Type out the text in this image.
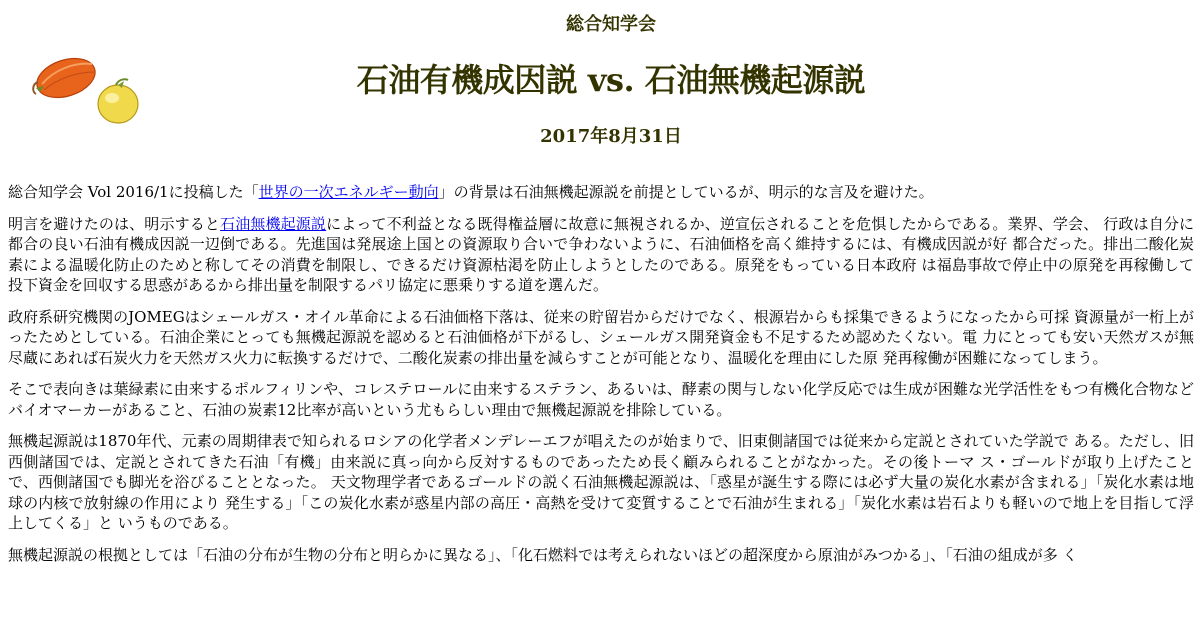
総合知学会

石油有機成因説 vs. 石油無機起源説

2017年8月31日

総合知学会 Vol 2016/1に投稿した「世界の一次エネルギー動向」の背景は石油無機起源説を前提としているが、明示的な言及を避けた。

明言を避けたのは、明示すると石油無機起源説によって不利益となる既得権益層に故意に無視されるか、逆宣伝されることを危惧したからである。業界、学会、 行政は自分に都合の良い石油有機成因説一辺倒である。先進国は発展途上国との資源取り合いで争わないように、石油価格を高く維持するには、有機成因説が好 都合だった。排出二酸化炭素による温暖化防止のためと称してその消費を制限し、できるだけ資源枯渇を防止しようとしたのである。原発をもっている日本政府 は福島事故で停止中の原発を再稼働して投下資金を回収する思惑があるから排出量を制限するパリ協定に悪乗りする道を選んだ。

政府系研究機関のJOMEGはシェールガス・オイル革命による石油価格下落は、従来の貯留岩からだけでなく、根源岩からも採集できるようになったから可採 資源量が一桁上がったためとしている。石油企業にとっても無機起源説を認めると石油価格が下がるし、シェールガス開発資金も不足するため認めたくない。電 力にとっても安い天然ガスが無尽蔵にあれば石炭火力を天然ガス火力に転換するだけで、二酸化炭素の排出量を減らすことが可能となり、温暖化を理由にした原 発再稼働が困難になってしまう。

そこで表向きは葉緑素に由来するポルフィリンや、コレステロールに由来するステラン、あるいは、酵素の関与しない化学反応では生成が困難な光学活性をもつ有機化合物などバイオマーカーがあること、石油の炭素12比率が高いという尤もらしい理由で無機起源説を排除している。

無機起源説は1870年代、元素の周期律表で知られるロシアの化学者メンデレーエフが唱えたのが始まりで、旧東側諸国では従来から定説とされていた学説で ある。ただし、旧西側諸国では、定説とされてきた石油「有機」由来説に真っ向から反対するものであったため長く顧みられることがなかった。その後トーマ ス・ゴールドが取り上げたことで、西側諸国でも脚光を浴びることとなった。 天文物理学者であるゴールドの説く石油無機起源説は、「惑星が誕生する際には必ず大量の炭化水素が含まれる」「炭化水素は地球の内核で放射線の作用により 発生する」「この炭化水素が惑星内部の高圧・高熱を受けて変質することで石油が生まれる」「炭化水素は岩石よりも軽いので地上を目指して浮上してくる」と いうものである。

無機起源説の根拠としては「石油の分布が生物の分布と明らかに異なる」、「化石燃料では考えられないほどの超深度から原油がみつかる」、「石油の組成が多 く
